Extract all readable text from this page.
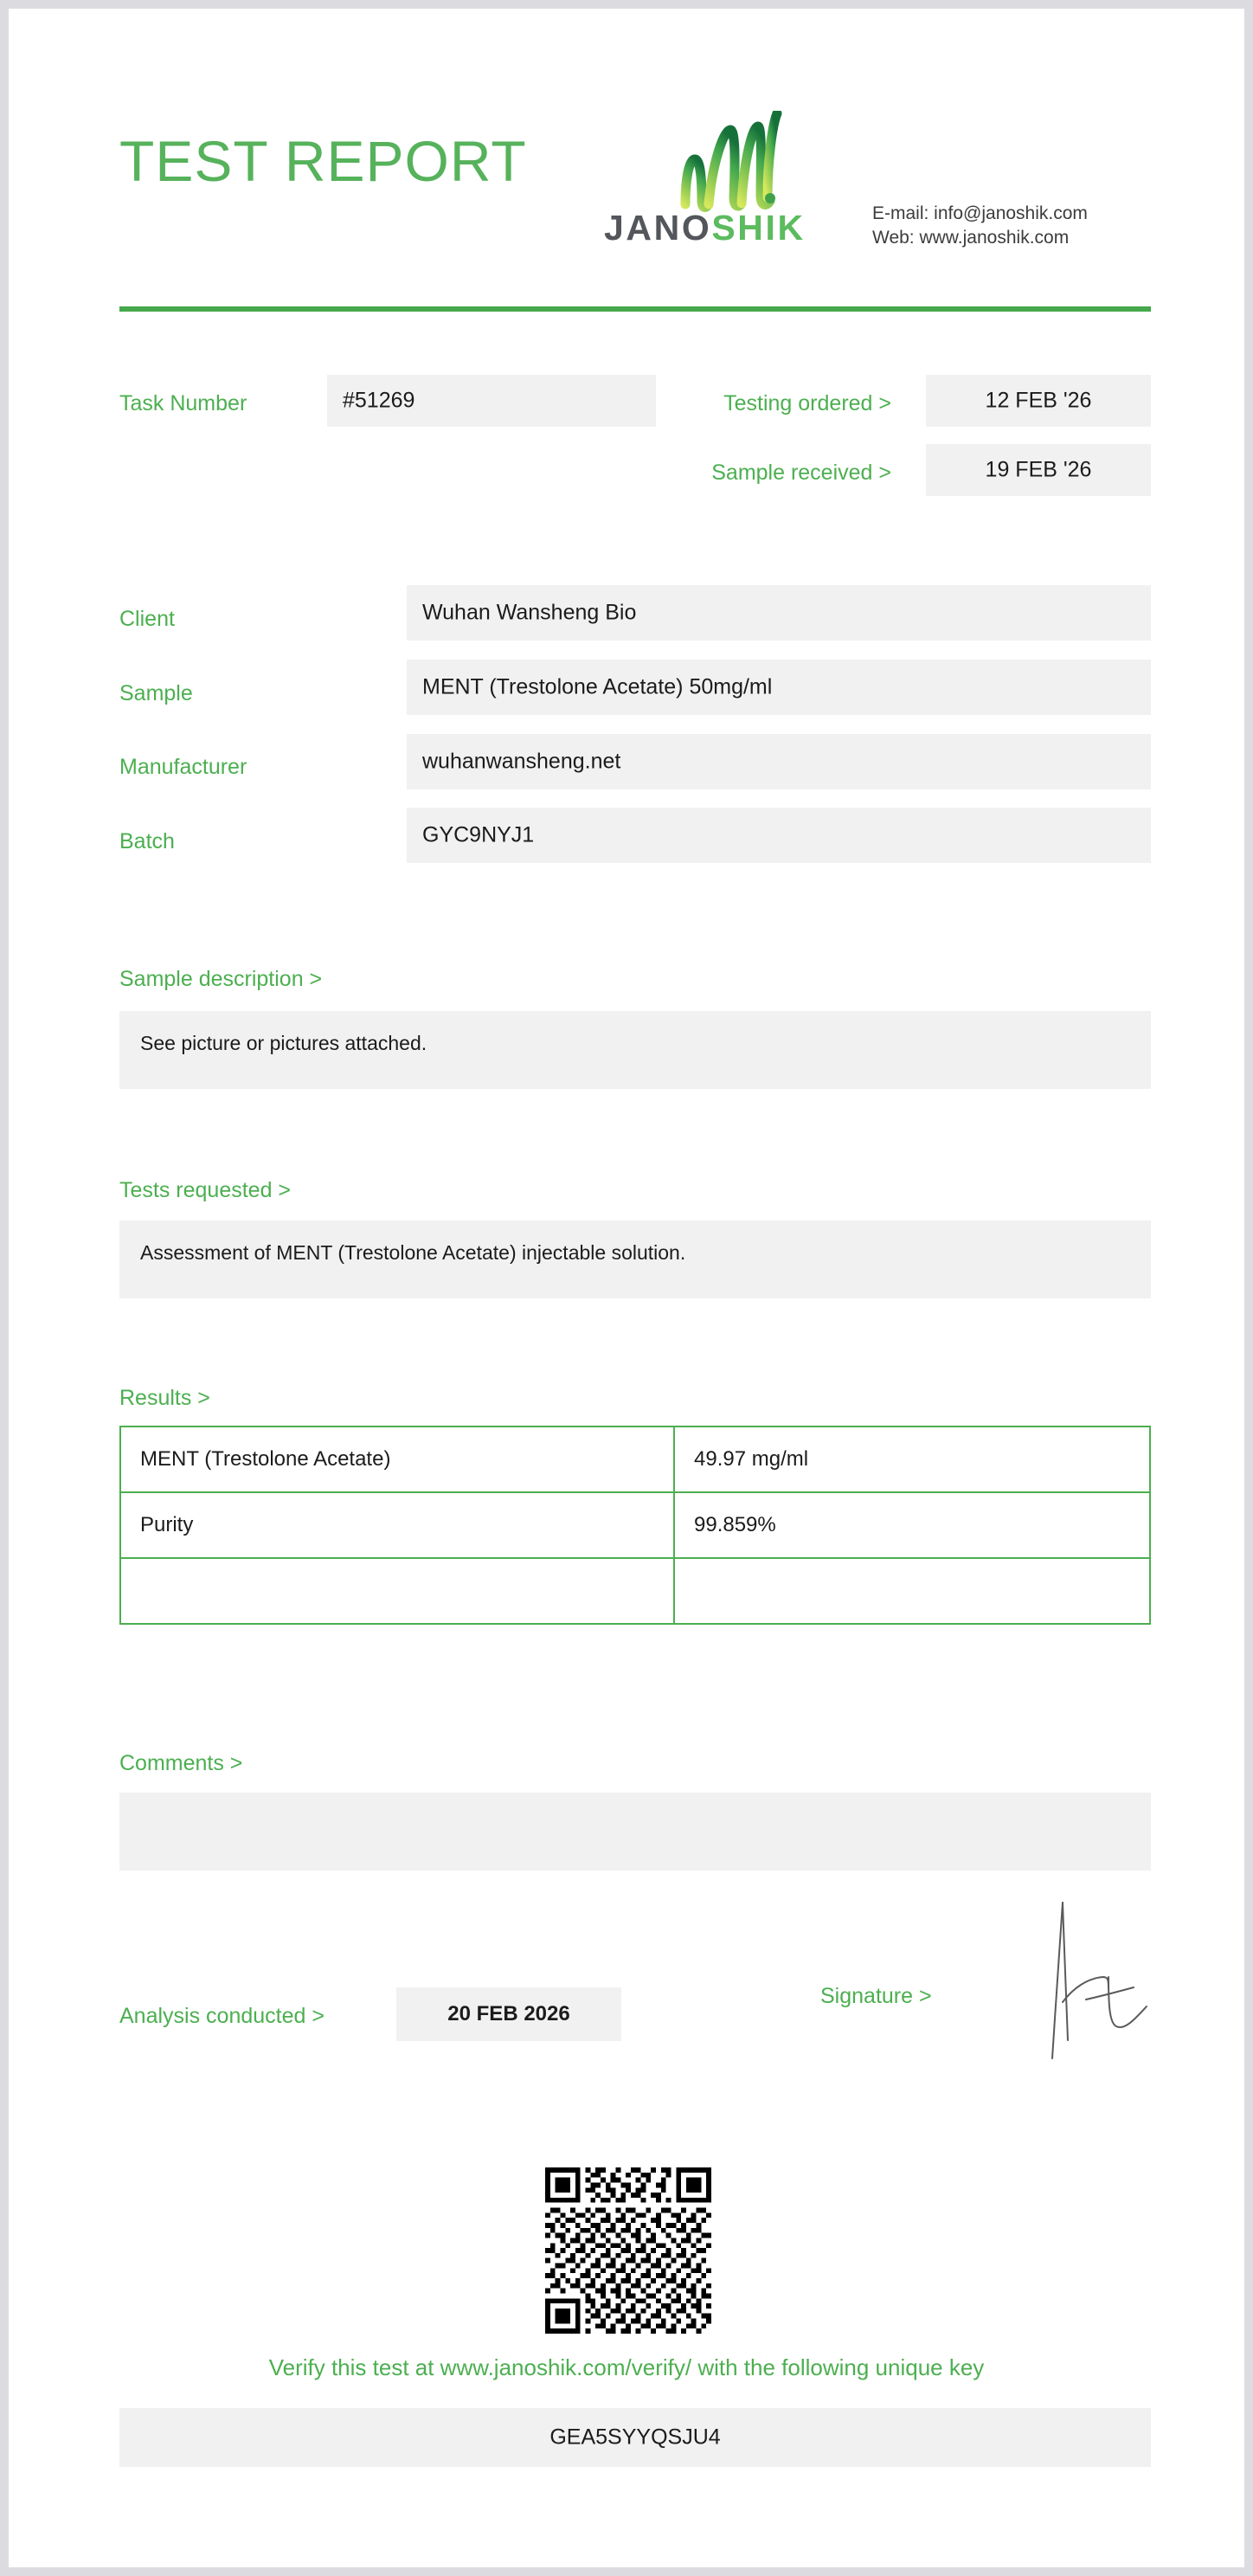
TEST REPORT
JANOSHIK	E-mail: info@janoshik.com
Web: www.janoshik.com
Task Number	#51269	Testing ordered >	12 FEB '26
Sample received >	19 FEB '26
Client	Wuhan Wansheng Bio
Sample	MENT (Trestolone Acetate) 50mg/ml
Manufacturer	wuhanwansheng.net
Batch	GYC9NYJ1
Sample description >
See picture or pictures attached.
Tests requested >
Assessment of MENT (Trestolone Acetate) injectable solution.
Results >
MENT (Trestolone Acetate)	49.97 mg/ml
Purity	99.859%

Comments >
Analysis conducted >	20 FEB 2026
Signature >
Verify this test at www.janoshik.com/verify/ with the following unique key
GEA5SYYQSJU4
